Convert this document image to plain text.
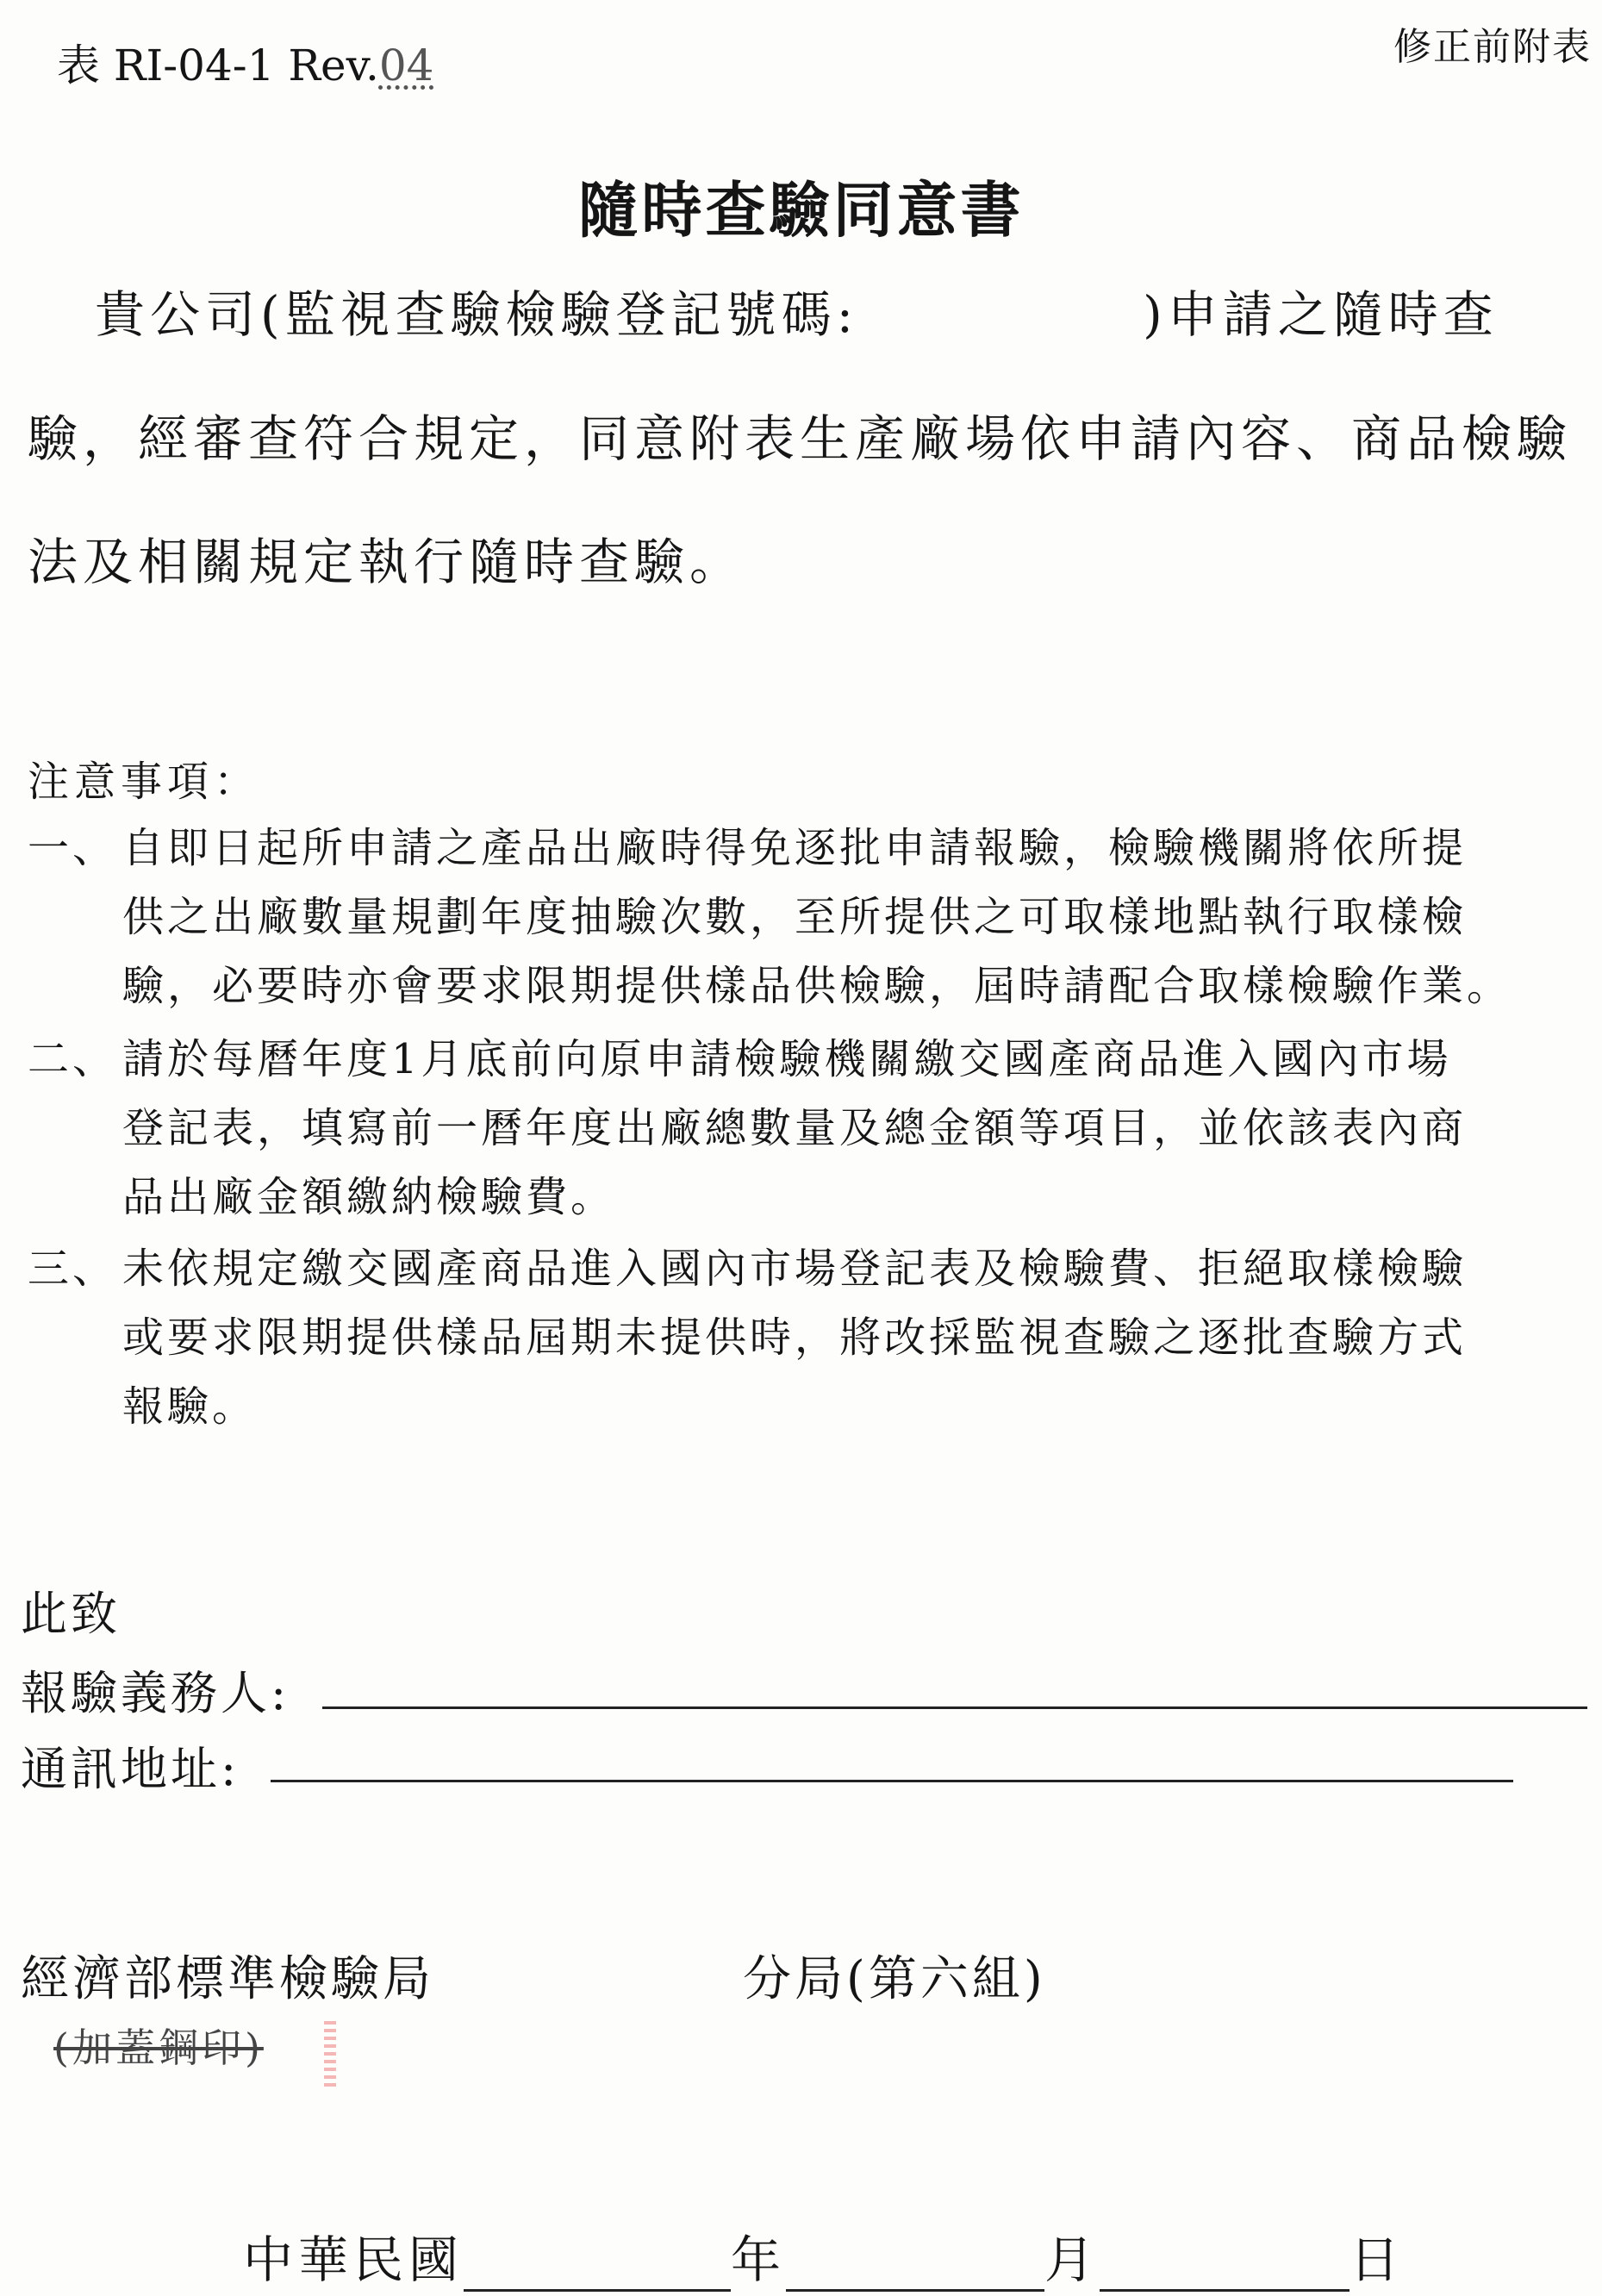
表 RI-04-1 Rev.04	修正前附表
隨時查驗同意書
貴公司(監視查驗檢驗登記號碼:	)申請之隨時查
驗，經審查符合規定，同意附表生產廠場依申請內容、商品檢驗
法及相關規定執行隨時查驗。
注意事項：
一、 自即日起所申請之產品出廠時得免逐批申請報驗，檢驗機關將依所提
供之出廠數量規劃年度抽驗次數，至所提供之可取樣地點執行取樣檢
驗，必要時亦會要求限期提供樣品供檢驗，屆時請配合取樣檢驗作業。
二、 請於每曆年度1月底前向原申請檢驗機關繳交國產商品進入國內市場
登記表，填寫前一曆年度出廠總數量及總金額等項目，並依該表內商
品出廠金額繳納檢驗費。
三、 未依規定繳交國產商品進入國內市場登記表及檢驗費、拒絕取樣檢驗
或要求限期提供樣品屆期未提供時，將改採監視查驗之逐批查驗方式
報驗。
此致
報驗義務人:
通訊地址:
經濟部標準檢驗局	分局(第六組)
(加蓋鋼印)
中華民國	年	月	日
